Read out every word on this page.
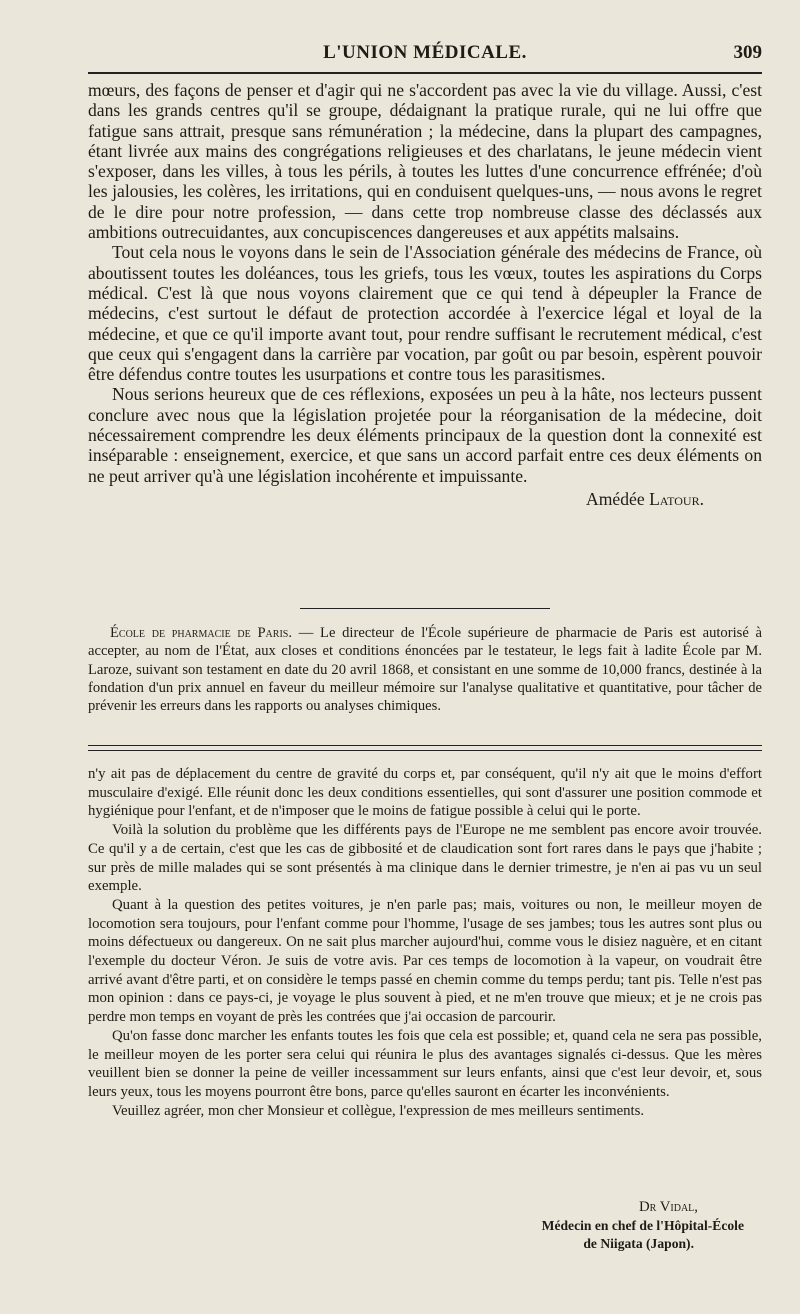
L'UNION MÉDICALE.	309

mœurs, des façons de penser et d'agir qui ne s'accordent pas avec la vie du village. Aussi, c'est dans les grands centres qu'il se groupe, dédaignant la pratique rurale, qui ne lui offre que fatigue sans attrait, presque sans rémunération ; la médecine, dans la plupart des campagnes, étant livrée aux mains des congrégations religieuses et des charlatans, le jeune médecin vient s'exposer, dans les villes, à tous les périls, à toutes les luttes d'une concurrence effrénée; d'où les jalousies, les colères, les irritations, qui en conduisent quelques-uns, — nous avons le regret de le dire pour notre profession, — dans cette trop nombreuse classe des déclassés aux ambitions outrecuidantes, aux concupiscences dangereuses et aux appétits malsains.

Tout cela nous le voyons dans le sein de l'Association générale des médecins de France, où aboutissent toutes les doléances, tous les griefs, tous les vœux, toutes les aspirations du Corps médical. C'est là que nous voyons clairement que ce qui tend à dépeupler la France de médecins, c'est surtout le défaut de protection accordée à l'exercice légal et loyal de la médecine, et que ce qu'il importe avant tout, pour rendre suffisant le recrutement médical, c'est que ceux qui s'engagent dans la carrière par vocation, par goût ou par besoin, espèrent pouvoir être défendus contre toutes les usurpations et contre tous les parasitismes.

Nous serions heureux que de ces réflexions, exposées un peu à la hâte, nos lecteurs pussent conclure avec nous que la législation projetée pour la réorganisation de la médecine, doit nécessairement comprendre les deux éléments principaux de la question dont la connexité est inséparable : enseignement, exercice, et que sans un accord parfait entre ces deux éléments on ne peut arriver qu'à une législation incohérente et impuissante.

Amédée Latour.

École de pharmacie de Paris. — Le directeur de l'École supérieure de pharmacie de Paris est autorisé à accepter, au nom de l'État, aux closes et conditions énoncées par le testateur, le legs fait à ladite École par M. Laroze, suivant son testament en date du 20 avril 1868, et consistant en une somme de 10,000 francs, destinée à la fondation d'un prix annuel en faveur du meilleur mémoire sur l'analyse qualitative et quantitative, pour tâcher de prévenir les erreurs dans les rapports ou analyses chimiques.

n'y ait pas de déplacement du centre de gravité du corps et, par conséquent, qu'il n'y ait que le moins d'effort musculaire d'exigé. Elle réunit donc les deux conditions essentielles, qui sont d'assurer une position commode et hygiénique pour l'enfant, et de n'imposer que le moins de fatigue possible à celui qui le porte.

Voilà la solution du problème que les différents pays de l'Europe ne me semblent pas encore avoir trouvée. Ce qu'il y a de certain, c'est que les cas de gibbosité et de claudication sont fort rares dans le pays que j'habite ; sur près de mille malades qui se sont présentés à ma clinique dans le dernier trimestre, je n'en ai pas vu un seul exemple.

Quant à la question des petites voitures, je n'en parle pas; mais, voitures ou non, le meilleur moyen de locomotion sera toujours, pour l'enfant comme pour l'homme, l'usage de ses jambes; tous les autres sont plus ou moins défectueux ou dangereux. On ne sait plus marcher aujourd'hui, comme vous le disiez naguère, et en citant l'exemple du docteur Véron. Je suis de votre avis. Par ces temps de locomotion à la vapeur, on voudrait être arrivé avant d'être parti, et on considère le temps passé en chemin comme du temps perdu; tant pis. Telle n'est pas mon opinion : dans ce pays-ci, je voyage le plus souvent à pied, et ne m'en trouve que mieux; et je ne crois pas perdre mon temps en voyant de près les contrées que j'ai occasion de parcourir.

Qu'on fasse donc marcher les enfants toutes les fois que cela est possible; et, quand cela ne sera pas possible, le meilleur moyen de les porter sera celui qui réunira le plus des avantages signalés ci-dessus. Que les mères veuillent bien se donner la peine de veiller incessamment sur leurs enfants, ainsi que c'est leur devoir, et, sous leurs yeux, tous les moyens pourront être bons, parce qu'elles sauront en écarter les inconvénients.

Veuillez agréer, mon cher Monsieur et collègue, l'expression de mes meilleurs sentiments.

Dr Vidal,
Médecin en chef de l'Hôpital-École
de Niigata (Japon).
